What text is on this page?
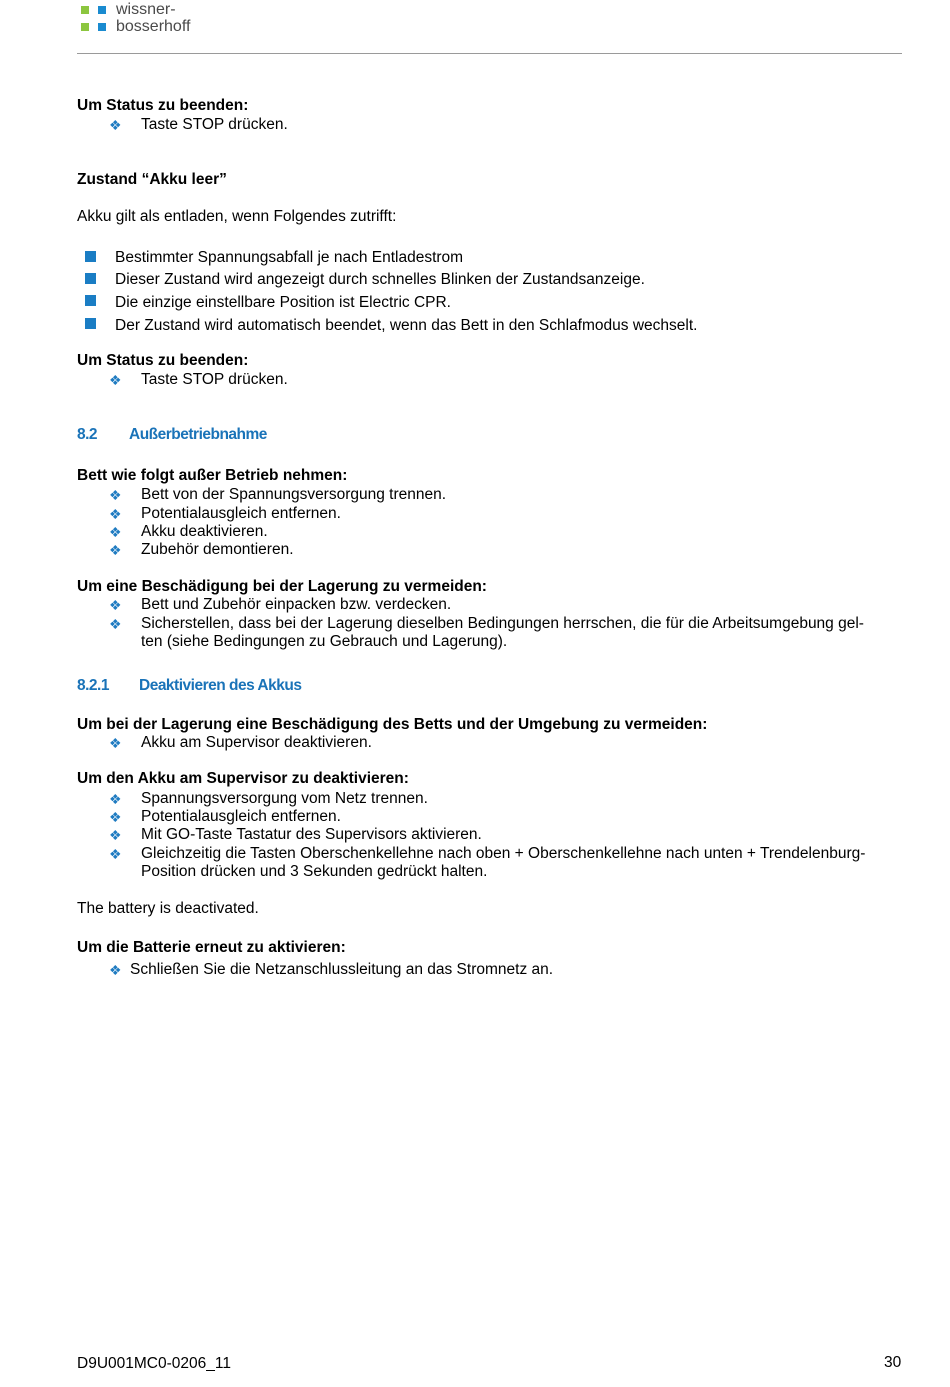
wissner-
bosserhoff
Um Status zu beenden:
❖ Taste STOP drücken.
Zustand “Akku leer”
Akku gilt als entladen, wenn Folgendes zutrifft:
Bestimmter Spannungsabfall je nach Entladestrom
Dieser Zustand wird angezeigt durch schnelles Blinken der Zustandsanzeige.
Die einzige einstellbare Position ist Electric CPR.
Der Zustand wird automatisch beendet, wenn das Bett in den Schlafmodus wechselt.
Um Status zu beenden:
❖ Taste STOP drücken.
8.2 Außerbetriebnahme
Bett wie folgt außer Betrieb nehmen:
❖ Bett von der Spannungsversorgung trennen.
❖ Potentialausgleich entfernen.
❖ Akku deaktivieren.
❖ Zubehör demontieren.
Um eine Beschädigung bei der Lagerung zu vermeiden:
❖ Bett und Zubehör einpacken bzw. verdecken.
❖ Sicherstellen, dass bei der Lagerung dieselben Bedingungen herrschen, die für die Arbeitsumgebung gel-
ten (siehe Bedingungen zu Gebrauch und Lagerung).
8.2.1 Deaktivieren des Akkus
Um bei der Lagerung eine Beschädigung des Betts und der Umgebung zu vermeiden:
❖ Akku am Supervisor deaktivieren.
Um den Akku am Supervisor zu deaktivieren:
❖ Spannungsversorgung vom Netz trennen.
❖ Potentialausgleich entfernen.
❖ Mit GO-Taste Tastatur des Supervisors aktivieren.
❖ Gleichzeitig die Tasten Oberschenkellehne nach oben + Oberschenkellehne nach unten + Trendelenburg-
Position drücken und 3 Sekunden gedrückt halten.
The battery is deactivated.
Um die Batterie erneut zu aktivieren:
❖ Schließen Sie die Netzanschlussleitung an das Stromnetz an.
D9U001MC0-0206_11	30
